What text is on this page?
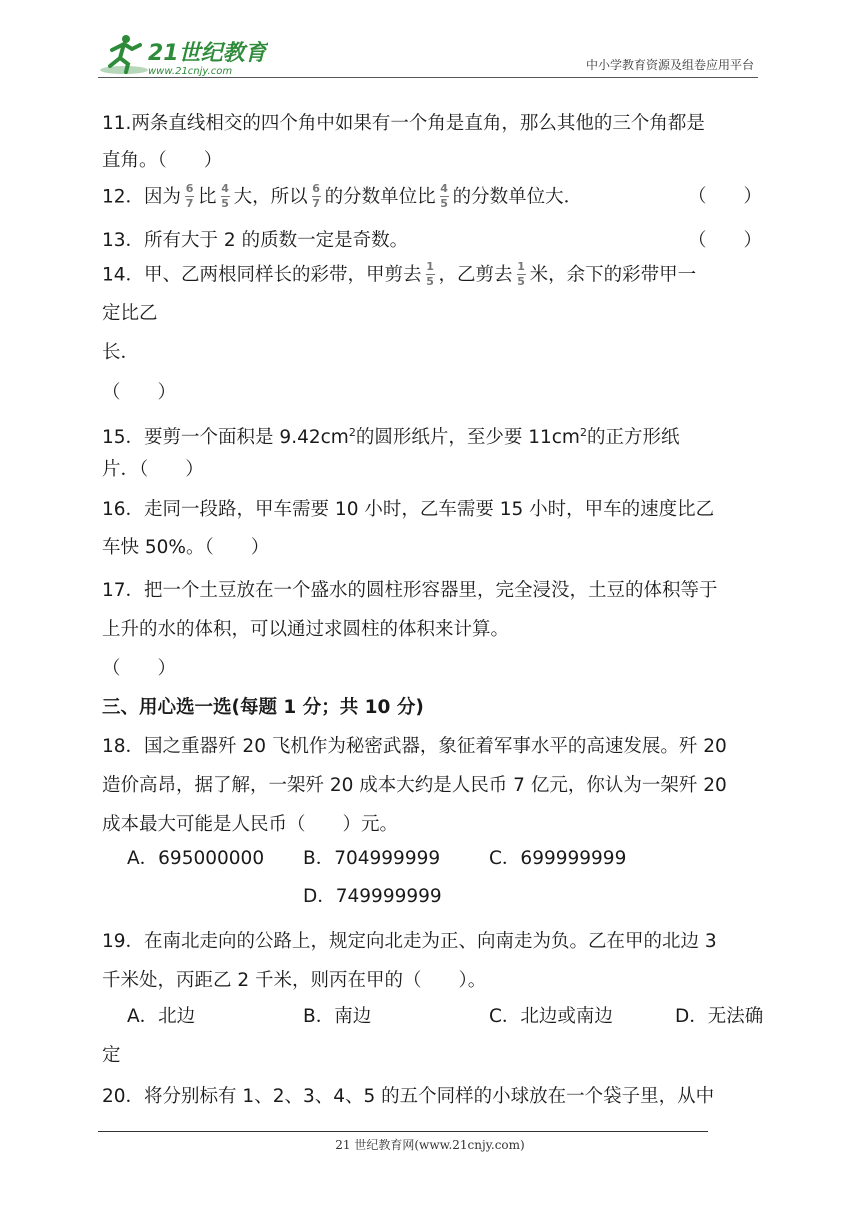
21世纪教育
www.21cnjy.com	中小学教育资源及组卷应用平台
11.两条直线相交的四个角中如果有一个角是直角，那么其他的三个角都是
直角。（　　）
12．因为 $\frac{6}{7}$ 比 $\frac{4}{5}$ 大，所以 $\frac{6}{7}$ 的分数单位比 $\frac{4}{5}$ 的分数单位大．	（　　）
13．所有大于 2 的质数一定是奇数。	（　　）
14．甲、乙两根同样长的彩带，甲剪去 $\frac{1}{5}$ ，乙剪去 $\frac{1}{5}$ 米，余下的彩带甲一
定比乙
长．
（　　）
15．要剪一个面积是 $9.42cm^2$的圆形纸片，至少要 $11cm^2$的正方形纸
片．（　　）
16．走同一段路，甲车需要 10 小时，乙车需要 15 小时，甲车的速度比乙
车快 50%。（　　）
17．把一个土豆放在一个盛水的圆柱形容器里，完全浸没，土豆的体积等于
上升的水的体积，可以通过求圆柱的体积来计算。
（　　）
三、用心选一选(每题 1 分；共 10 分)
18．国之重器歼 20 飞机作为秘密武器，象征着军事水平的高速发展。歼 20
造价高昂，据了解，一架歼 20 成本大约是人民币 7 亿元，你认为一架歼 20
成本最大可能是人民币（　　）元。
A．695000000 B．704999999	C．699999999
D．749999999
19．在南北走向的公路上，规定向北走为正、向南走为负。乙在甲的北边 3
千米处，丙距乙 2 千米，则丙在甲的（　　）。
A．北边	B．南边	C．北边或南边	D．无法确
定
20．将分别标有 1、2、3、4、5 的五个同样的小球放在一个袋子里，从中
21 世纪教育网(www.21cnjy.com)
